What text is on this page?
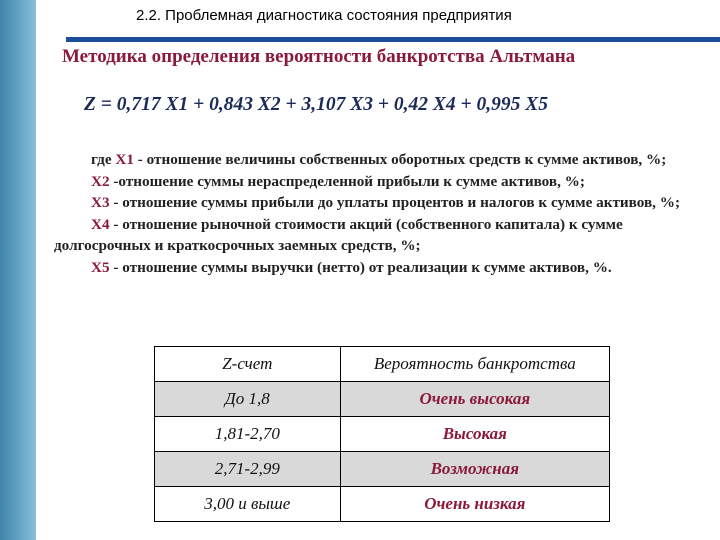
2.2. Проблемная диагностика состояния предприятия
Методика определения вероятности банкротства Альтмана
Z = 0,717 X1 + 0,843 X2 + 3,107 X3 + 0,42 X4 + 0,995 X5

где X1 - отношение величины собственных оборотных средств к сумме активов, %;

X2 -отношение суммы нераспределенной прибыли к сумме активов, %;

X3 - отношение суммы прибыли до уплаты процентов и налогов к сумме активов, %;

X4 - отношение рыночной стоимости акций (собственного капитала) к сумме долгосрочных и краткосрочных заемных средств, %;

X5 - отношение суммы выручки (нетто) от реализации к сумме активов, %.

Z-счет	Вероятность банкротства
До 1,8	Очень высокая
1,81-2,70	Высокая
2,71-2,99	Возможная
3,00 и выше	Очень низкая
